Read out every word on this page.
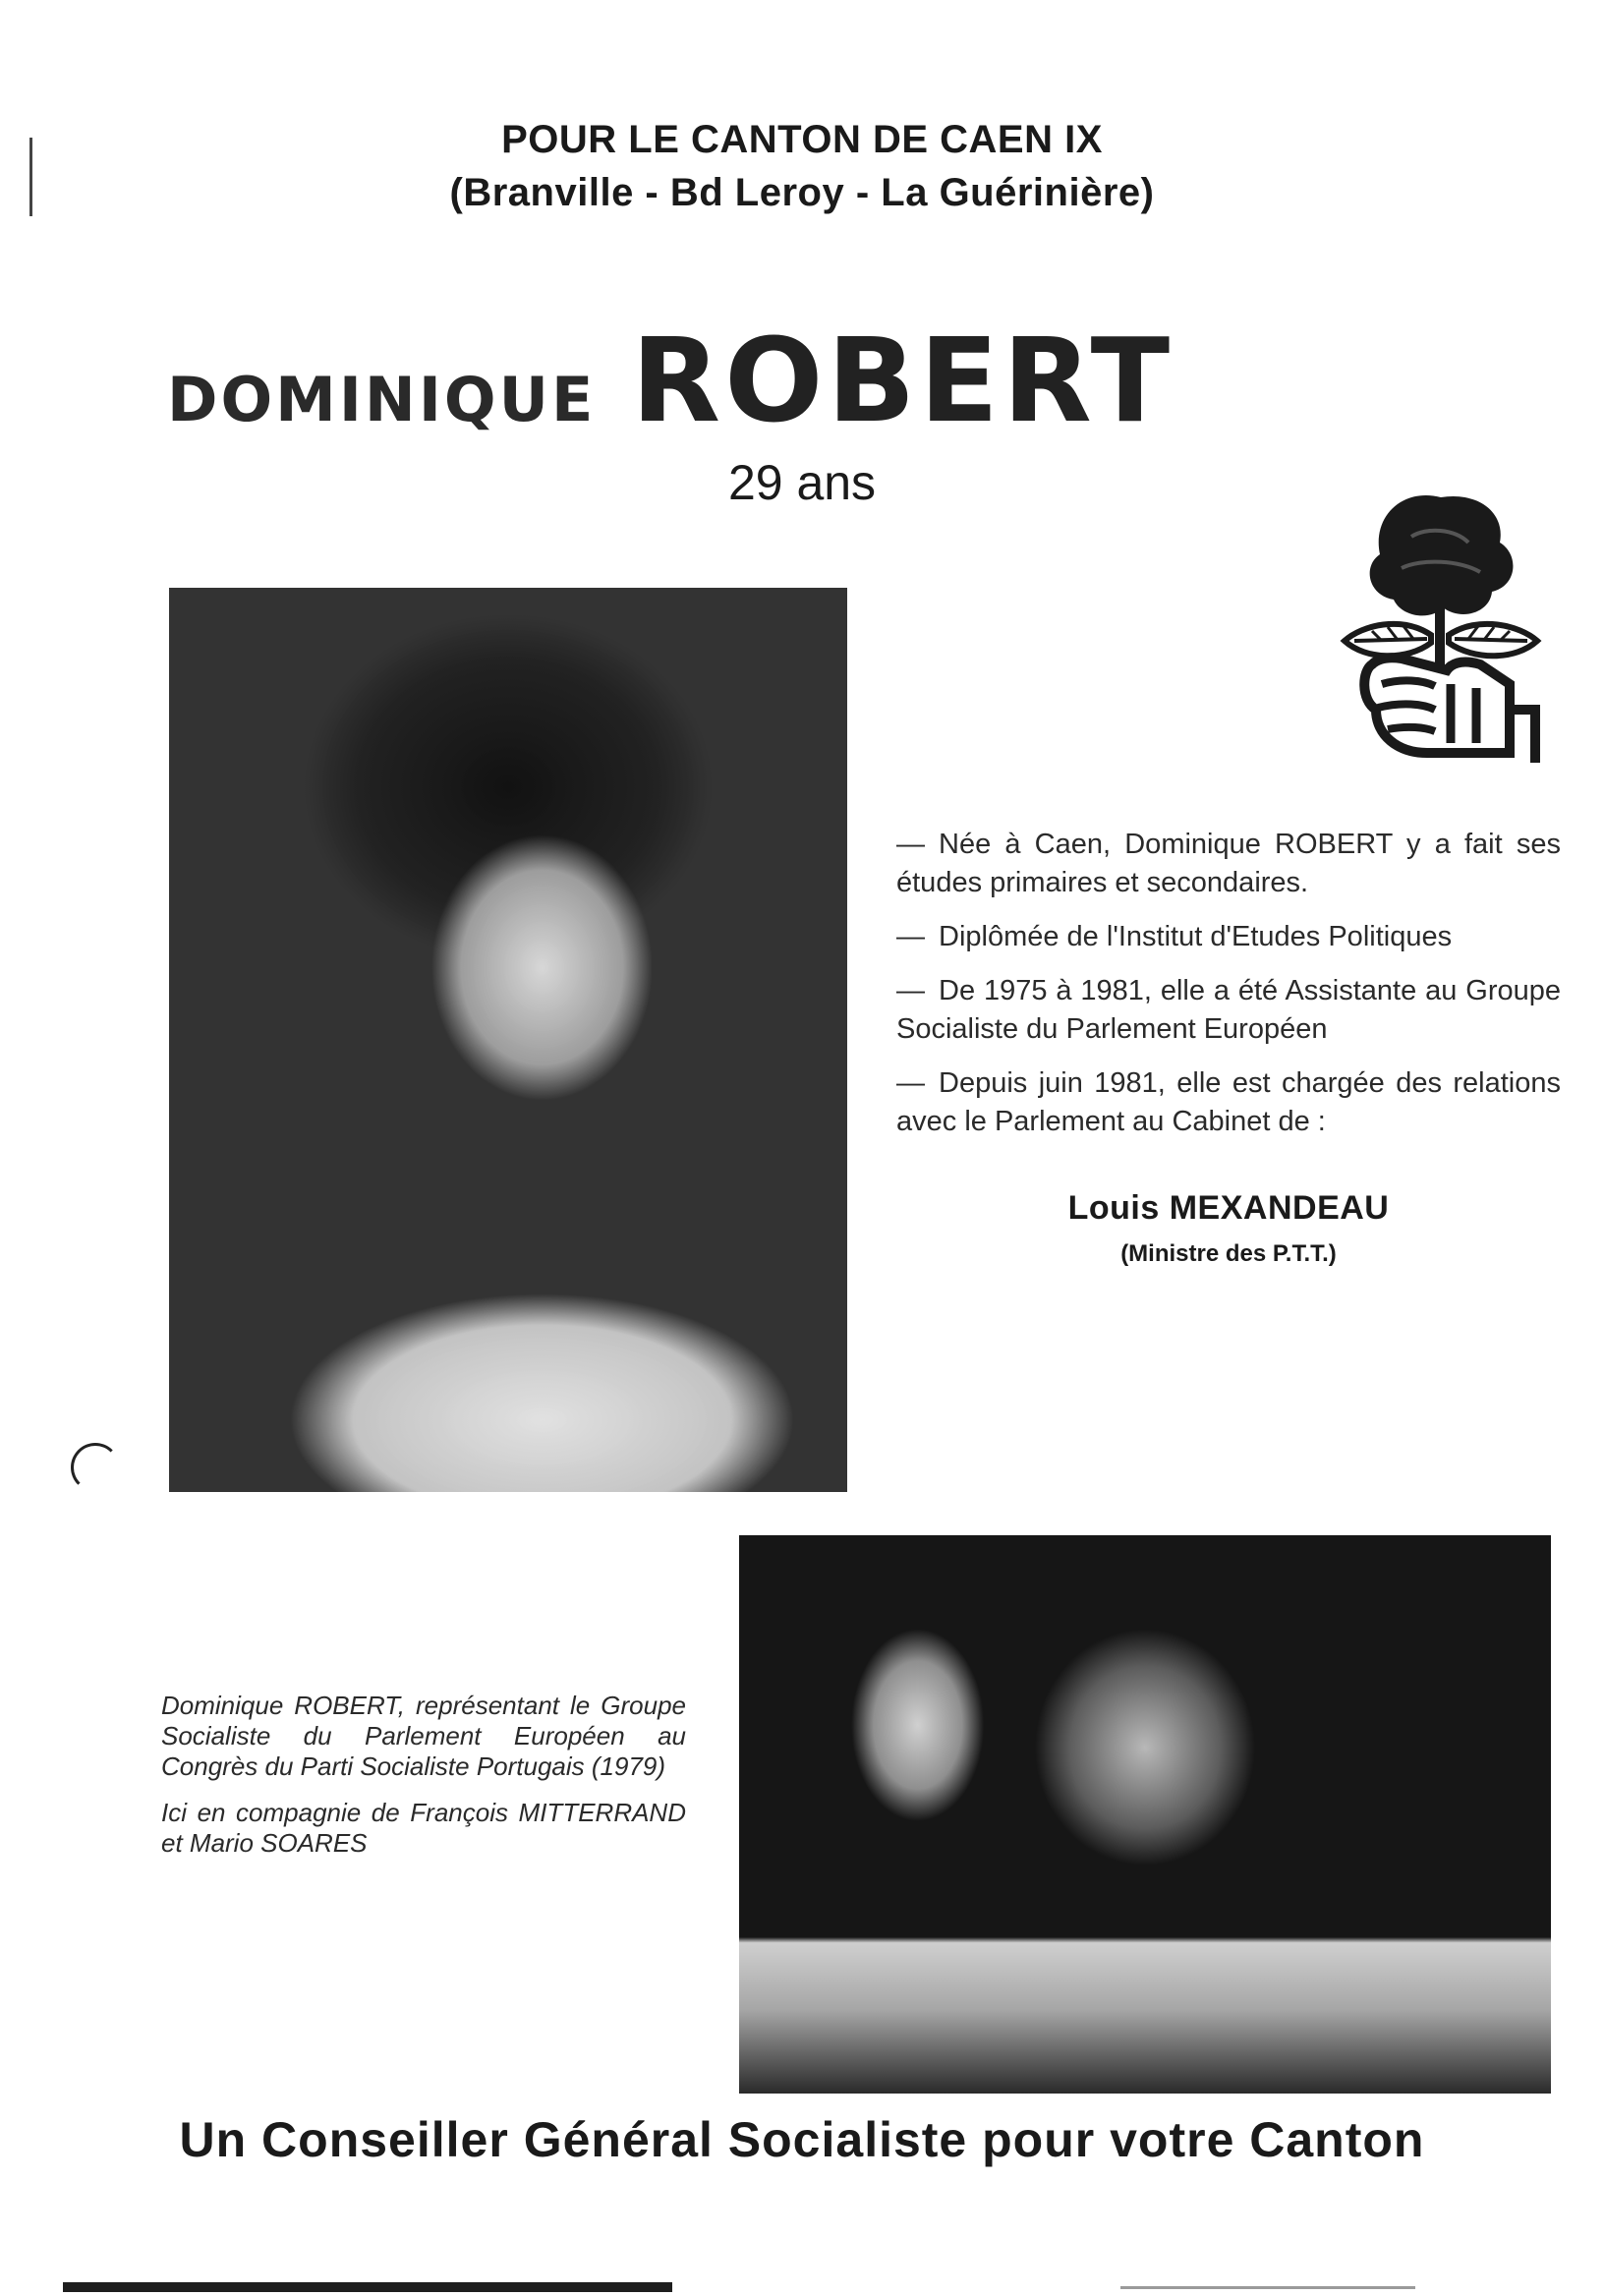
POUR LE CANTON DE CAEN IX
(Branville - Bd Leroy - La Guérinière)
DOMINIQUE ROBERT
29 ans

— Née à Caen, Dominique ROBERT y a fait ses études primaires et secondaires.

— Diplômée de l'Institut d'Etudes Politiques

— De 1975 à 1981, elle a été Assistante au Groupe Socialiste du Parlement Européen

— Depuis juin 1981, elle est chargée des relations avec le Parlement au Cabinet de :

Louis MEXANDEAU
(Ministre des P.T.T.)

Dominique ROBERT, représentant le Groupe Socialiste du Parlement Européen au Congrès du Parti Socialiste Portugais (1979)

Ici en compagnie de François MITTERRAND et Mario SOARES

Un Conseiller Général Socialiste pour votre Canton
